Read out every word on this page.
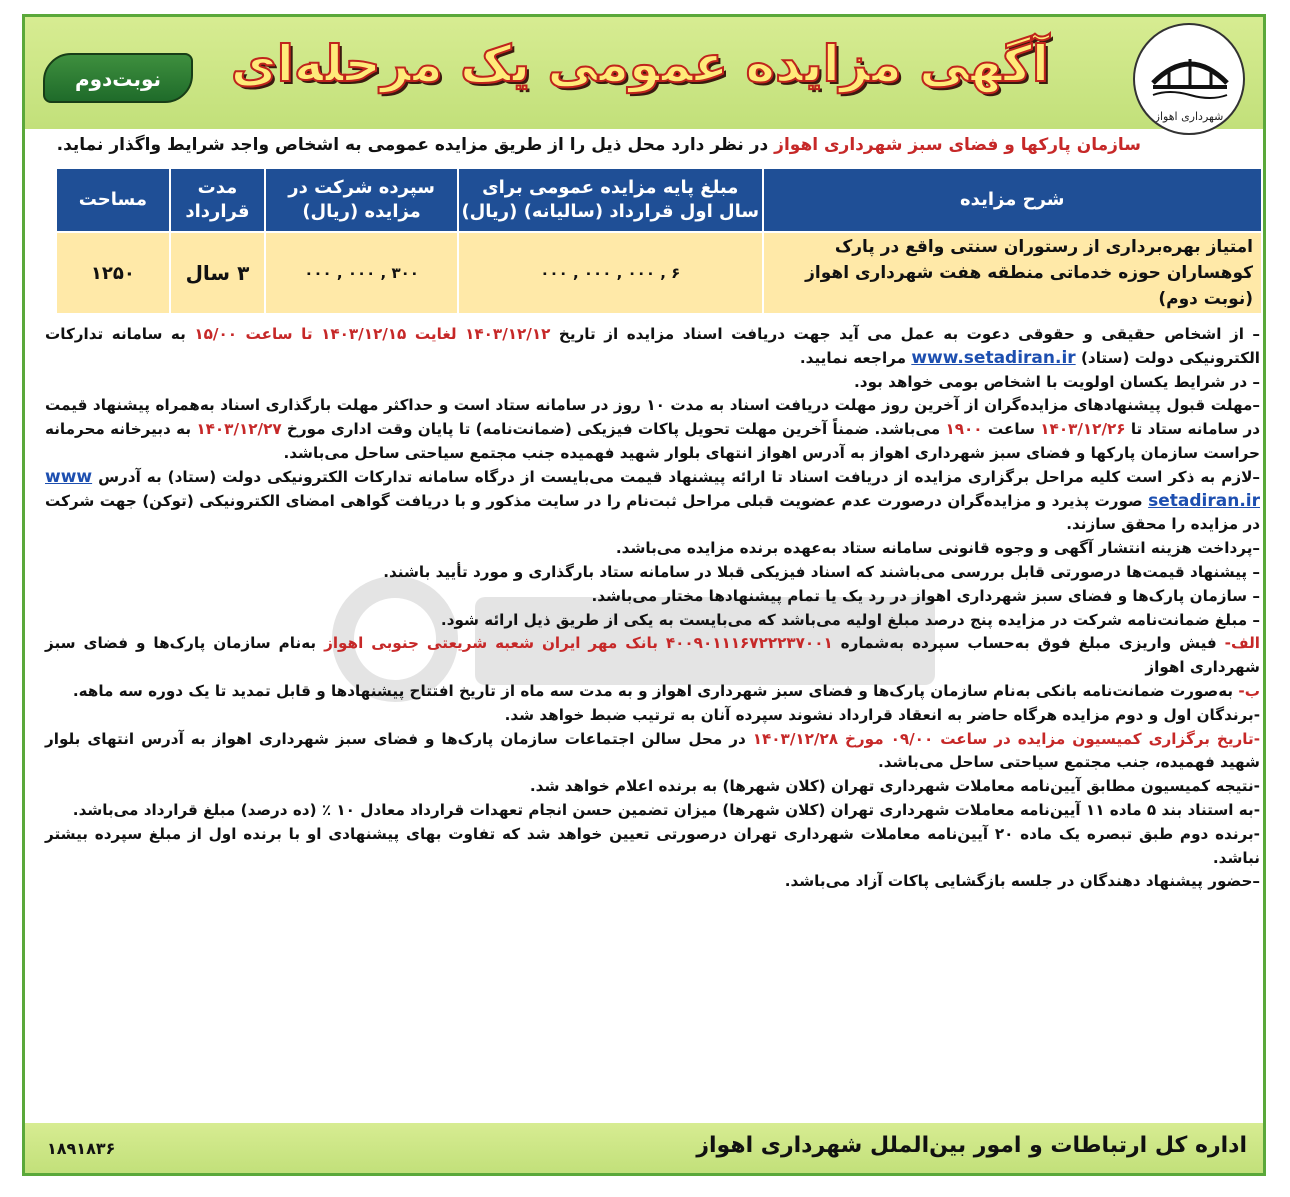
شهرداری اهواز
آگهی مزایده عمومی یک مرحله‌ای
نوبت‌دوم
سازمان پارکها و فضای سبز شهرداری اهواز در نظر دارد محل ذیل را از طریق مزایده عمومی به اشخاص واجد شرایط واگذار نماید.
شرح مزایده	مبلغ پایه مزایده عمومی برای سال اول قرارداد (سالیانه) (ریال)	سپرده شرکت در مزایده (ریال)	مدت قرارداد	مساحت
امتیاز بهره‌برداری از رستوران سنتی واقع در پارک کوهساران حوزه خدماتی منطقه هفت شهرداری اهواز (نوبت دوم)	۶ , ۰۰۰ , ۰۰۰ , ۰۰۰	۳۰۰ , ۰۰۰ , ۰۰۰	۳ سال	۱۲۵۰

– از اشخاص حقیقی و حقوقی دعوت به عمل می آید جهت دریافت اسناد مزایده از تاریخ ۱۴۰۳/۱۲/۱۲ لغایت ۱۴۰۳/۱۲/۱۵ تا ساعت ۱۵/۰۰ به سامانه تدارکات الکترونیکی دولت (ستاد) www.setadiran.ir مراجعه نمایید.

– در شرایط یکسان اولویت با اشخاص بومی خواهد بود.

–مهلت قبول پیشنهادهای مزایده‌گران از آخرین روز مهلت دریافت اسناد به مدت ۱۰ روز در سامانه ستاد است و حداکثر مهلت بارگذاری اسناد به‌همراه پیشنهاد قیمت در سامانه ستاد تا ۱۴۰۳/۱۲/۲۶ ساعت ۱۹۰۰ می‌باشد. ضمناً آخرین مهلت تحویل پاکات فیزیکی (ضمانت‌نامه) تا پایان وقت اداری مورخ ۱۴۰۳/۱۲/۲۷ به دبیرخانه محرمانه حراست سازمان پارکها و فضای سبز شهرداری اهواز به آدرس اهواز انتهای بلوار شهید فهمیده جنب مجتمع سیاحتی ساحل می‌باشد.

–لازم به ذکر است کلیه مراحل برگزاری مزایده از دریافت اسناد تا ارائه پیشنهاد قیمت می‌بایست از درگاه سامانه تدارکات الکترونیکی دولت (ستاد) به آدرس www setadiran.ir صورت پذیرد و مزایده‌گران درصورت عدم عضویت قبلی مراحل ثبت‌نام را در سایت مذکور و با دریافت گواهی امضای الکترونیکی (توکن) جهت شرکت در مزایده را محقق سازند.

–پرداخت هزینه انتشار آگهی و وجوه قانونی سامانه ستاد به‌عهده برنده مزایده می‌باشد.

– پیشنهاد قیمت‌ها درصورتی قابل بررسی می‌باشند که اسناد فیزیکی قبلا در سامانه ستاد بارگذاری و مورد تأیید باشند.

– سازمان پارک‌ها و فضای سبز شهرداری اهواز در رد یک یا تمام پیشنهادها مختار می‌باشد.

– مبلغ ضمانت‌نامه شرکت در مزایده پنج درصد مبلغ اولیه می‌باشد که می‌بایست به یکی از طریق ذیل ارائه شود.

الف- فیش واریزی مبلغ فوق به‌حساب سپرده به‌شماره ۴۰۰۹۰۱۱۱۶۷۲۲۲۳۷۰۰۱ بانک مهر ایران شعبه شریعتی جنوبی اهواز به‌نام سازمان پارک‌ها و فضای سبز شهرداری اهواز

ب- به‌صورت ضمانت‌نامه بانکی به‌نام سازمان پارک‌ها و فضای سبز شهرداری اهواز و به مدت سه ماه از تاریخ افتتاح پیشنهادها و قابل تمدید تا یک دوره سه ماهه.

-برندگان اول و دوم مزایده هرگاه حاضر به انعقاد قرارداد نشوند سپرده آنان به ترتیب ضبط خواهد شد.

-تاریخ برگزاری کمیسیون مزایده در ساعت ۰۹/۰۰ مورخ ۱۴۰۳/۱۲/۲۸ در محل سالن اجتماعات سازمان پارک‌ها و فضای سبز شهرداری اهواز به آدرس انتهای بلوار شهید فهمیده، جنب مجتمع سیاحتی ساحل می‌باشد.

-نتیجه کمیسیون مطابق آیین‌نامه معاملات شهرداری تهران (کلان شهرها) به برنده اعلام خواهد شد.

-به استناد بند ۵ ماده ۱۱ آیین‌نامه معاملات شهرداری تهران (کلان شهرها) میزان تضمین حسن انجام تعهدات قرارداد معادل ۱۰ ٪ (ده درصد) مبلغ قرارداد می‌باشد.

-برنده دوم طبق تبصره یک ماده ۲۰ آیین‌نامه معاملات شهرداری تهران درصورتی تعیین خواهد شد که تفاوت بهای پیشنهادی او با برنده اول از مبلغ سپرده بیشتر نباشد.

–حضور پیشنهاد دهندگان در جلسه بازگشایی پاکات آزاد می‌باشد.

اداره کل ارتباطات و امور بین‌الملل شهرداری اهواز
۱۸۹۱۸۳۶
